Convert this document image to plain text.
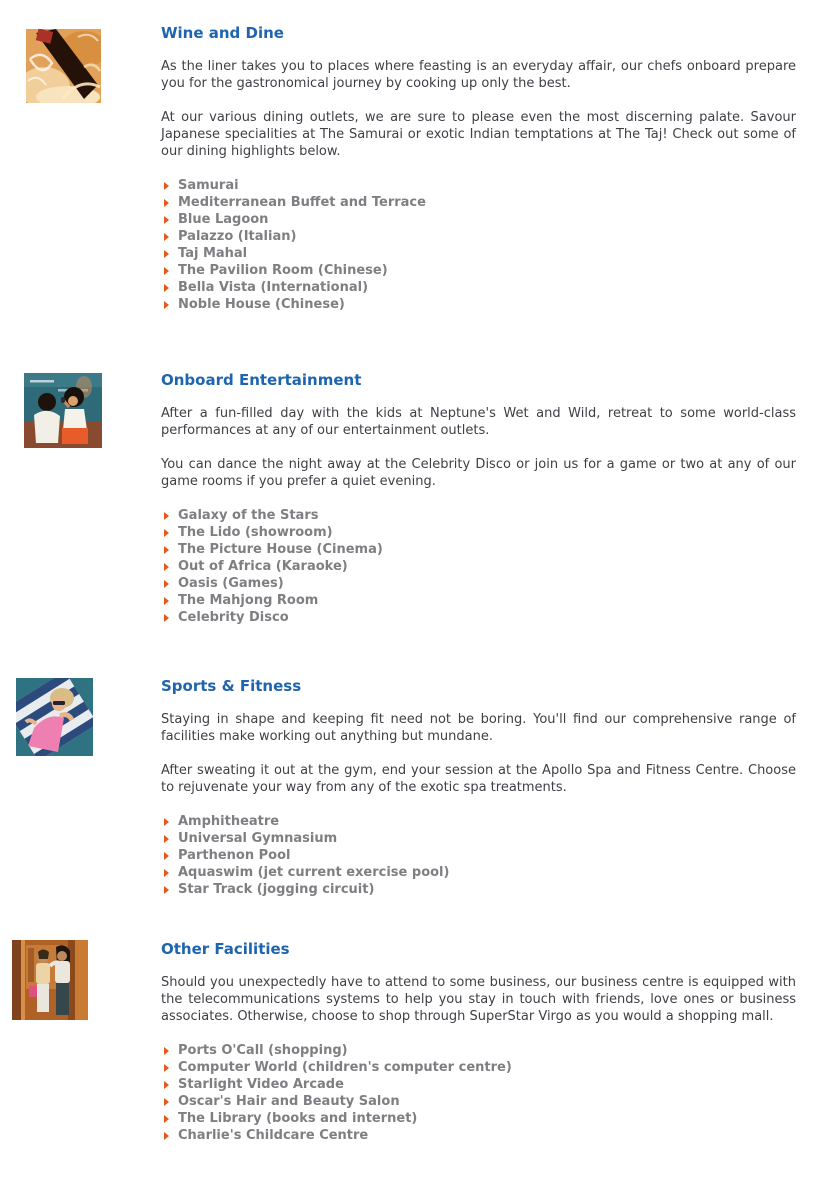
Wine and Dine

As the liner takes you to places where feasting is an everyday affair, our chefs onboard prepare you for the gastronomical journey by cooking up only the best.

At our various dining outlets, we are sure to please even the most discerning palate. Savour Japanese specialities at The Samurai or exotic Indian temptations at The Taj! Check out some of our dining highlights below.

Samurai
Mediterranean Buffet and Terrace
Blue Lagoon
Palazzo (Italian)
Taj Mahal
The Pavilion Room (Chinese)
Bella Vista (International)
Noble House (Chinese)
Onboard Entertainment

After a fun-filled day with the kids at Neptune's Wet and Wild, retreat to some world-class performances at any of our entertainment outlets.

You can dance the night away at the Celebrity Disco or join us for a game or two at any of our game rooms if you prefer a quiet evening.

Galaxy of the Stars
The Lido (showroom)
The Picture House (Cinema)
Out of Africa (Karaoke)
Oasis (Games)
The Mahjong Room
Celebrity Disco
Sports & Fitness

Staying in shape and keeping fit need not be boring. You'll find our comprehensive range of facilities make working out anything but mundane.

After sweating it out at the gym, end your session at the Apollo Spa and Fitness Centre. Choose to rejuvenate your way from any of the exotic spa treatments.

Amphitheatre
Universal Gymnasium
Parthenon Pool
Aquaswim (jet current exercise pool)
Star Track (jogging circuit)
Other Facilities

Should you unexpectedly have to attend to some business, our business centre is equipped with the telecommunications systems to help you stay in touch with friends, love ones or business associates. Otherwise, choose to shop through SuperStar Virgo as you would a shopping mall.

Ports O'Call (shopping)
Computer World (children's computer centre)
Starlight Video Arcade
Oscar's Hair and Beauty Salon
The Library (books and internet)
Charlie's Childcare Centre
